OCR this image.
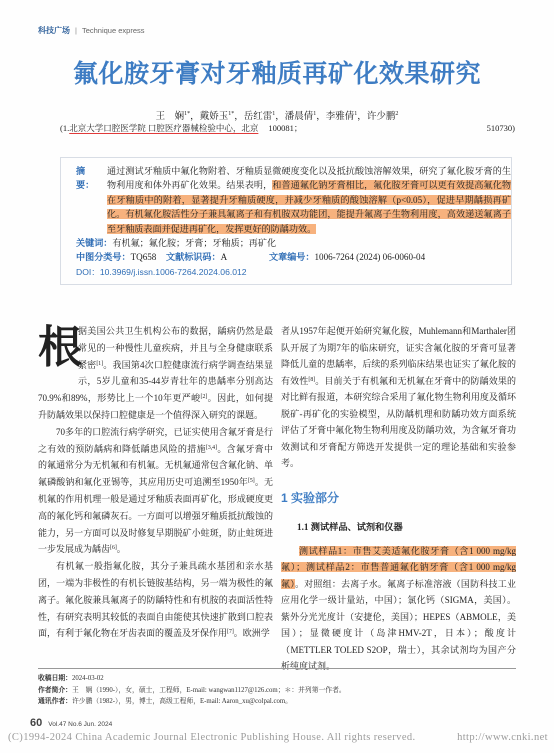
科技广场 | Technique express
氟化胺牙膏对牙釉质再矿化效果研究
王　娴$^{1*}$，戴娇玉$^{1*}$，岳红雷$^1$，潘晨倩$^1$，李雅倩$^1$，许少鹏$^2$
(1.北京大学口腔医学院 口腔医疗器械检验中心，北京 100081；	510730)
摘　要：
通过测试牙釉质中氟化物附着、牙釉质显微硬度变化以及抵抗酸蚀溶解效果，研究了氟化胺牙膏的生物利用度和体外再矿化效果。结果表明，和普通氟化钠牙膏相比，氟化胺牙膏可以更有效提高氟化物在牙釉质中的附着，显著提升牙釉质硬度，并减少牙釉质的酸蚀溶解（p<0.05），促进早期龋损再矿化。有机氟化胺活性分子兼具氟离子和有机胺双功能团，能提升氟离子生物利用度，高效递送氟离子至牙釉质表面并促进再矿化，发挥更好的防龋功效。
关键词：有机氟；氟化胺；牙膏；牙釉质；再矿化
中图分类号：TQ658 文献标识码：A	文章编号：1006-7264 (2024) 06-0060-04
DOI：10.3969/j.issn.1006-7264.2024.06.012

根
据美国公共卫生机构公布的数据，龋病仍然是最常见的一种慢性儿童疾病，并且与全身健康联系紧密[1]。我国第4次口腔健康流行病学调查结果显示，5岁儿童和35-44岁青壮年的患龋率分别高达70.9%和89%，形势比上一个10年更严峻[2]。因此，如何提升防龋效果以保持口腔健康是一个值得深入研究的课题。

70多年的口腔流行病学研究，已证实使用含氟牙膏是行之有效的预防龋病和降低龋患风险的措施[3,4]。含氟牙膏中的氟通常分为无机氟和有机氟。无机氟通常包含氟化钠、单氟磷酸钠和氟化亚锡等，其应用历史可追溯至1950年[5]。无机氟的作用机理一般是通过牙釉质表面再矿化，形成硬度更高的氟化钙和氟磷灰石。一方面可以增强牙釉质抵抗酸蚀的能力，另一方面可以及时修复早期脱矿小蛀斑，防止蛀斑进一步发展成为龋齿[6]。

有机氟一般指氟化胺，其分子兼具疏水基团和亲水基团，一端为非极性的有机长链胺基结构，另一端为极性的氟离子。氟化胺兼具氟离子的防龋特性和有机胺的表面活性特性，有研究表明其较低的表面自由能使其快速扩散到口腔表面，有利于氟化物在牙齿表面的覆盖及牙保作用[7]。欧洲学

者从1957年起便开始研究氟化胺，Muhlemann和Marthaler团队开展了为期7年的临床研究，证实含氟化胺的牙膏可显著降低儿童的患龋率，后续的系列临床结果也证实了氟化胺的有效性[8]。目前关于有机氟和无机氟在牙膏中的防龋效果的对比鲜有报道，本研究综合采用了氟化物生物利用度及循环脱矿-再矿化的实验模型，从防龋机理和防龋功效方面系统评估了牙膏中氟化物生物利用度及防龋功效，为含氟牙膏功效测试和牙膏配方筛选开发提供一定的理论基础和实验参考。

1 实验部分
1.1 测试样品、试剂和仪器

测试样品1：市售艾美适氟化胺牙膏（含1 000 mg/kg氟）；测试样品2：市售普通氟化钠牙膏（含1 000 mg/kg氟）。对照组：去离子水。氟离子标准溶液（国防科技工业应用化学一级计量站，中国）；氯化钙（SIGMA，美国）。紫外分光光度计（安捷伦，美国）；HEPES（ABMOLE，美国）；显微硬度计（岛津HMV-2T，日本）；酸度计（METTLER TOLED S2OP，瑞士），其余试剂均为国产分析纯度试剂。

收稿日期：2024-03-02
作者简介：王　娴（1990-），女，硕士，工程师，E-mail: wangwan1127@126.com；＊：并列第一作者。
通讯作者：许少鹏（1982-），男，博士，高级工程师，E-mail: Aaron_xu@colpal.com。
60 Vol.47 No.6 Jun. 2024
(C)1994-2024 China Academic Journal Electronic Publishing House. All rights reserved.	http://www.cnki.net
